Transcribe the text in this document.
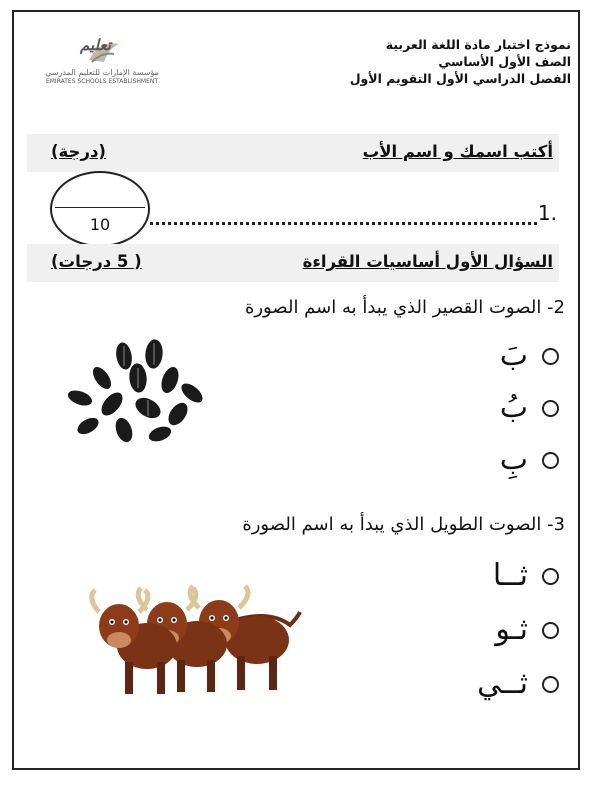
نموذج اختبار مادة اللغة العربية
الصف الأول الأساسي
الفصل الدراسي الأول التقويم الأول
تعليم
مؤسسة الإمارات للتعليم المدرسي
EMIRATES SCHOOLS ESTABLISHMENT
أكتب اسمك و اسم الأب
(درجة)
1.
10
السؤال الأول أساسيات القراءة
( 5 درجات)
2- الصوت القصير الذي يبدأ به اسم الصورة
بَ
بُ
بِ
3- الصوت الطويل الذي يبدأ به اسم الصورة
ثــا
ثـو
ثــي
